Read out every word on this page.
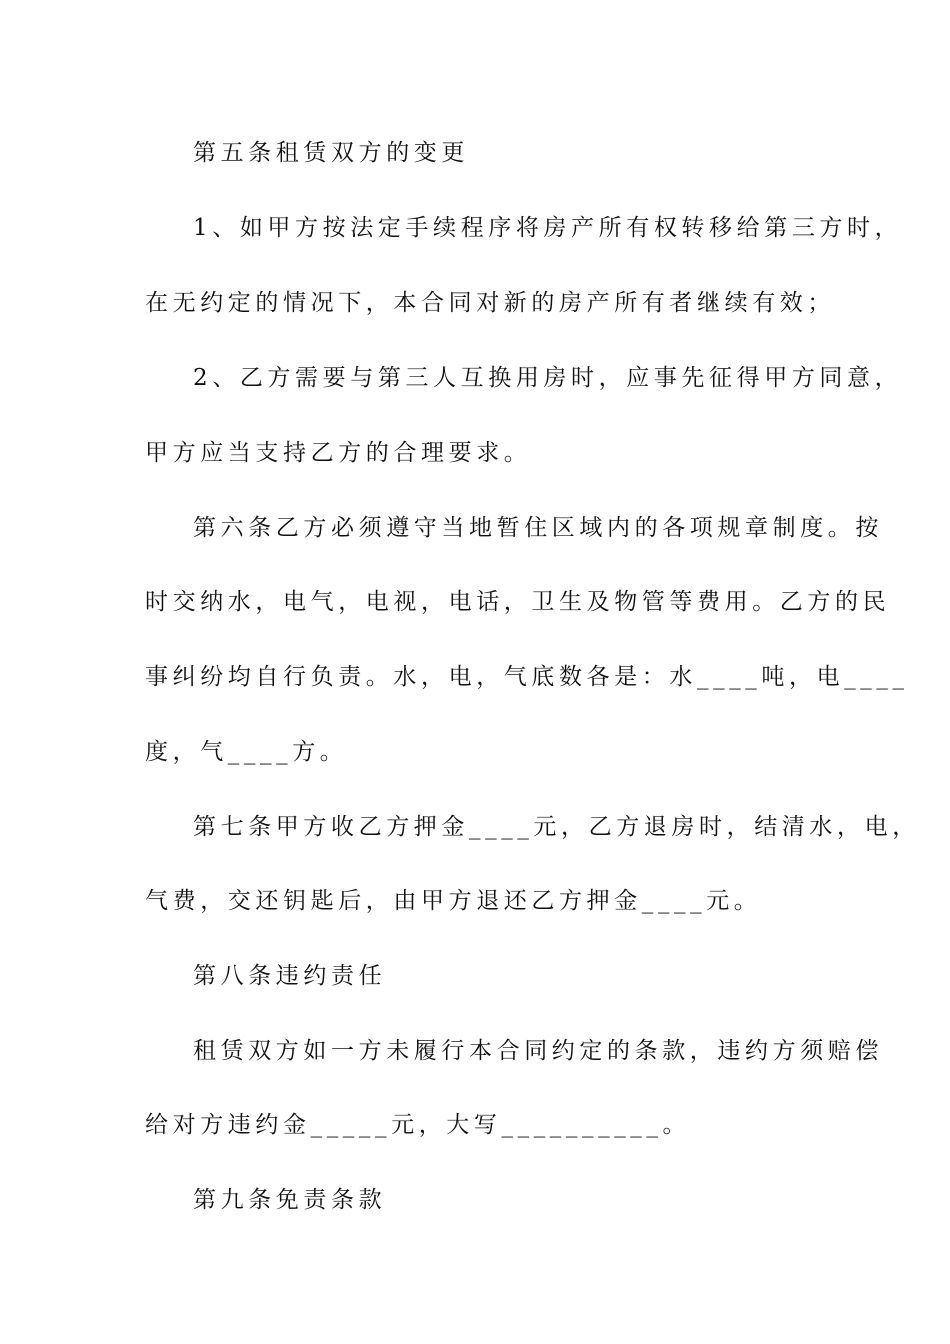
第五条租赁双方的变更
1、如甲方按法定手续程序将房产所有权转移给第三方时，
在无约定的情况下，本合同对新的房产所有者继续有效；
2、乙方需要与第三人互换用房时，应事先征得甲方同意，
甲方应当支持乙方的合理要求。
第六条乙方必须遵守当地暂住区域内的各项规章制度。按
时交纳水，电气，电视，电话，卫生及物管等费用。乙方的民
事纠纷均自行负责。水，电，气底数各是：水____吨，电____
度，气____方。
第七条甲方收乙方押金____元，乙方退房时，结清水，电，
气费，交还钥匙后，由甲方退还乙方押金____元。
第八条违约责任
租赁双方如一方未履行本合同约定的条款，违约方须赔偿
给对方违约金_____元，大写__________。
第九条免责条款
